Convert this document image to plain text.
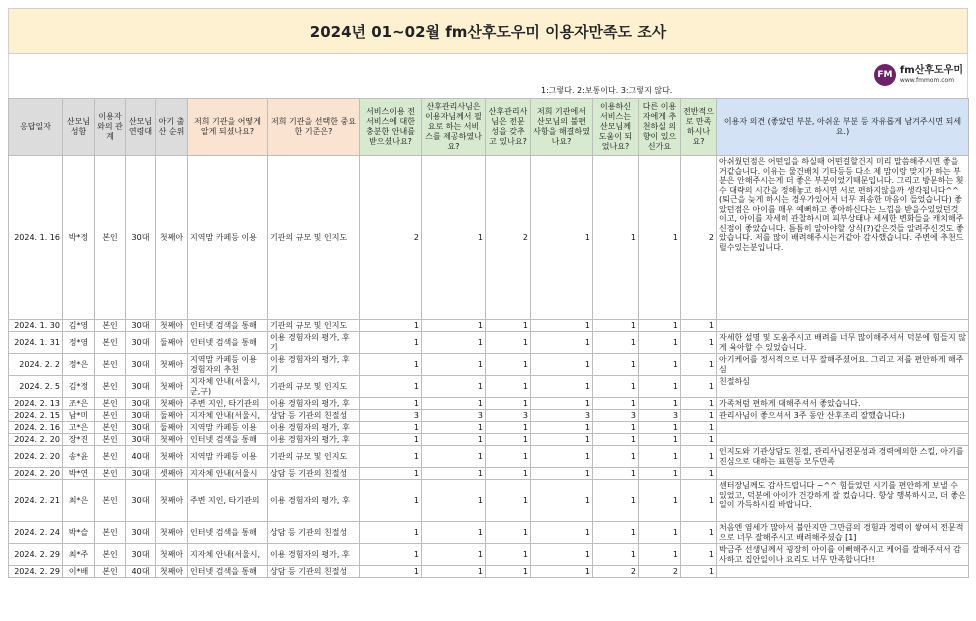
2024년 01~02월 fm산후도우미 이용자만족도 조사
1:그렇다. 2:보통이다. 3:그렇지 않다.
FM fm산후도우미
www.fmmom.com
응답일자	산모님 성함	이용자와의 관계	산모님 연령대	아기 출산 순위	저희 기관을 어떻게 알게 되셨나요?	저희 기관을 선택한 중요한 기준은?	서비스이용 전 서비스에 대한 충분한 안내를 받으셨나요?	산후관리사님은 이용자님께서 필요로 하는 서비스를 제공하였나요?	산후관리사님은 전문성을 갖추고 있나요?	저희 기관에서 산모님의 불편 사항을 해결하였나요?	이용하신 서비스는 산모님께 도움이 되었나요?	다른 이용자에게 추천하실 의향이 있으신가요	전반적으로 만족하시나요?	이용자 의견 (좋았던 부분, 아쉬운 부분 등 자유롭게 남겨주시면 되세요.)
2024. 1. 16	박*정	본인	30대	첫째아	지역맘 카페등 이용	기관의 규모 및 인지도	2	1	2	1	1	1	2	아쉬웠던점은 어떤일을 하실때 어떤걸할건지 미리 말씀해주시면 좋을거같습니다. 이유는 물건배치 기타등등 다소 제 맘이랑 맞지가 하는 부분은 안해주시는게 더 좋은 부분이었기때문입니다. 그리고 방문하는 횟수 대략의 시간을 정해놓고 하시면 서로 편하지않을까 생각됩니다^^ (퇴근을 늦게 하시는 경우가있어서 너무 죄송한 마음이 들었습니다) 좋았던점은 아이를 매우 예뻐하고 좋아하신다는 느낌을 받을수있었던것이고, 아이를 자세히 관찰하시며 피부상태나 세세한 변화들을 캐치해주신점이 좋았습니다. 틈틈히 알아야할 상식(?)같은것들 알려주신것도 좋았습니다. 저를 많이 배려해주시는거같아 감사했습니다. 주변에 추천드릴수있는분입니다.
2024. 1. 30	김*영	본인	30대	첫째아	인터넷 검색을 통해	기관의 규모 및 인지도	1	1	1	1	1	1	1	
2024. 1. 31	정*영	본인	30대	둘째아	인터넷 검색을 통해	이용 경험자의 평가, 후기	1	1	1	1	1	1	1	자세한 설명 및 도움주시고 배려를 너무 많이해주셔서 덕분에 힘들지 않게 육아할 수 있었습니다.
2024. 2. 2	정*은	본인	30대	첫째아	지역맘 카페등 이용 경험자의 추천	이용 경험자의 평가, 후기	1	1	1	1	1	1	1	아기케어를 정서적으로 너무 잘해주셨어요. 그리고 저를 편안하게 해주심
2024. 2. 5	김*정	본인	30대	첫째아	지자체 안내(서울시,군,구)	기관의 규모 및 인지도	1	1	1	1	1	1	1	친절하심
2024. 2. 13	조*은	본인	30대	첫째아	주변 지인, 타기관의	이용 경험자의 평가, 후	1	1	1	1	1	1	1	가족처럼 편하게 대해주셔서 좋았습니다.
2024. 2. 15	남*미	본인	30대	둘째아	지자체 안내(서울시,	상담 등 기관의 친절성	3	3	3	3	3	3	1	관리사님이 좋으셔서 3주 동안 산후조리 잘했습니다:)
2024. 2. 16	고*은	본인	30대	둘째아	지역맘 카페등 이용	이용 경험자의 평가, 후	1	1	1	1	1	1	1	
2024. 2. 20	장*진	본인	30대	첫째아	인터넷 검색을 통해	이용 경험자의 평가, 후	1	1	1	1	1	1	1	
2024. 2. 20	송*윤	본인	40대	첫째아	지역맘 카페등 이용	기관의 규모 및 인지도	1	1	1	1	1	1	1	인지도와 기관상담도 친절, 관리사님전문성과 경력에의한 스킬, 아기를 진심으로 대하는 표현등 모두만족
2024. 2. 20	박*연	본인	30대	셋째아	지자체 안내(서울시	상담 등 기관의 친절성	1	1	1	1	1	1	1	
2024. 2. 21	최*은	본인	30대	첫째아	주변 지인, 타기관의	이용 경험자의 평가, 후	1	1	1	1	1	1	1	센터장님께도 감사드립니다 ~^^ 힘들었던 시기를 편안하게 보낼 수 있었고, 덕분에 아이가 건강하게 잘 컸습니다. 항상 행복하시고, 더 좋은 일이 가득하시길 바랍니다.
2024. 2. 24	박*슬	본인	30대	첫째아	인터넷 검색을 통해	상담 등 기관의 친절성	1	1	1	1	1	1	1	처음엔 염세가 많아서 불안지만 그만큼의 경험과 경력이 쌓여서 전문적으로 너무 잘해주시고 배려해주셨습 [1]
2024. 2. 29	최*주	본인	30대	첫째아	지자체 안내(서울시,	이용 경험자의 평가, 후	1	1	1	1	1	1	1	박금주 선생님께서 굉장히 아이를 이뻐해주시고 케어를 잘해주셔서 감사하고 집안일이나 요리도 너무 만족합니다!!
2024. 2. 29	이*배	본인	40대	첫째아	인터넷 검색을 통해	상담 등 기관의 친절성	1	1	1	1	2	2	1	
